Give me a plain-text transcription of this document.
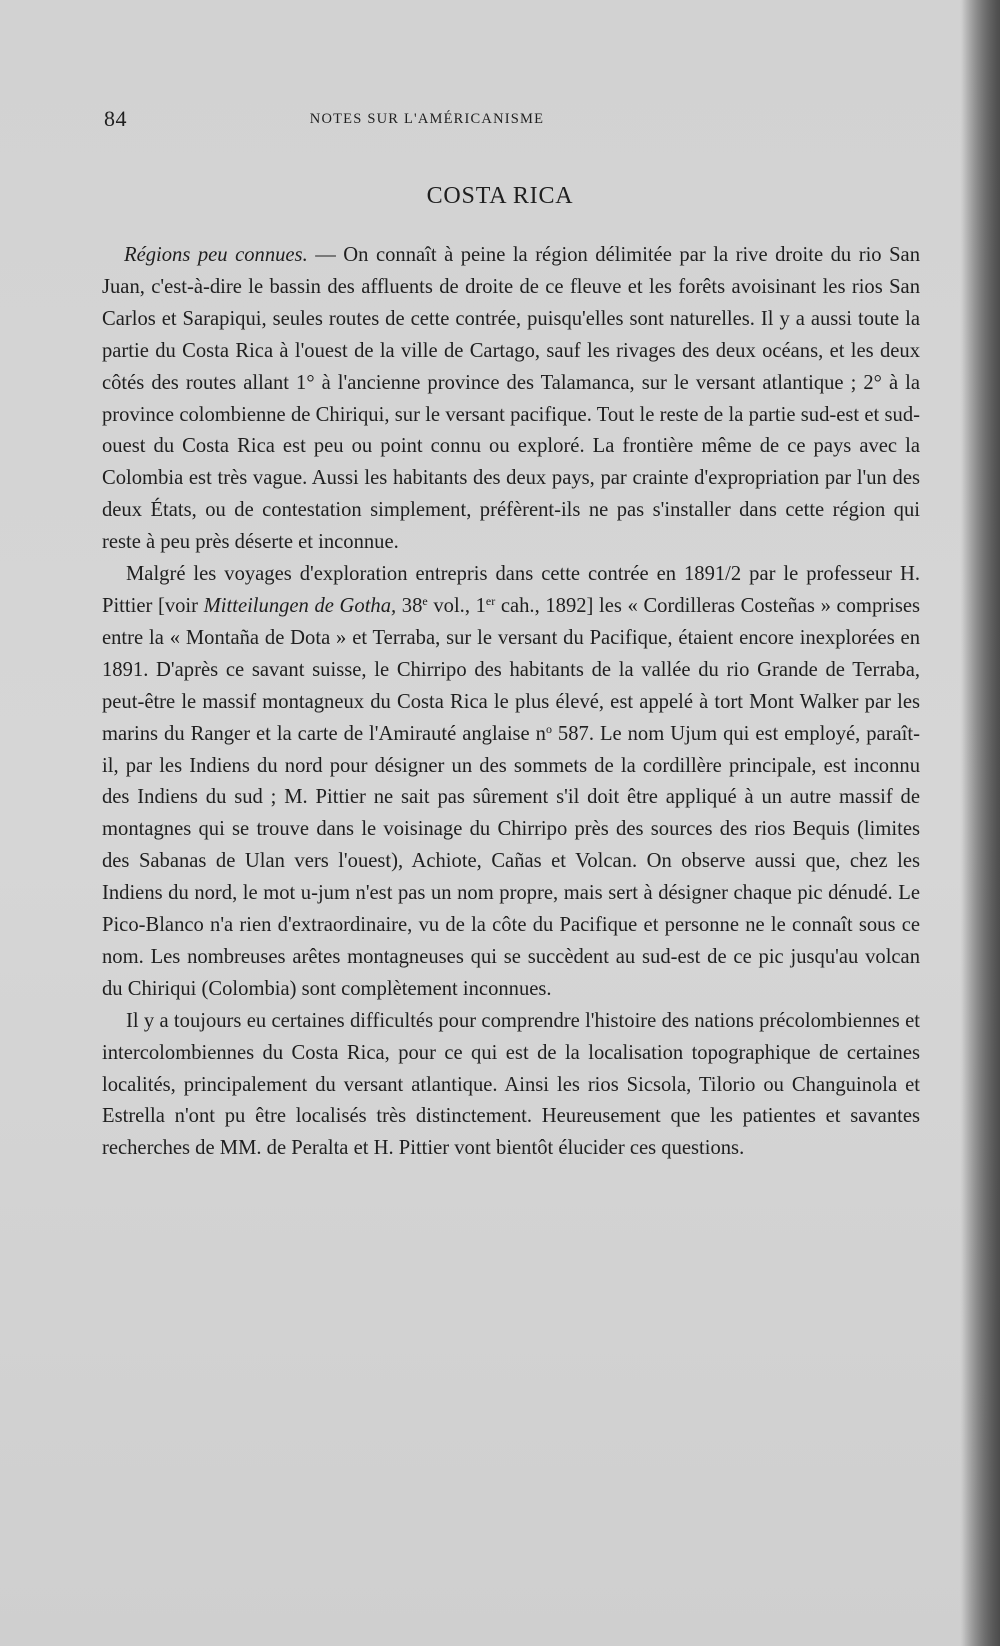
84	NOTES SUR L'AMÉRICANISME
COSTA RICA

Régions peu connues. — On connaît à peine la région délimitée par la rive droite du rio San Juan, c'est-à-dire le bassin des affluents de droite de ce fleuve et les forêts avoisinant les rios San Carlos et Sarapiqui, seules routes de cette contrée, puisqu'elles sont naturelles. Il y a aussi toute la partie du Costa Rica à l'ouest de la ville de Cartago, sauf les rivages des deux océans, et les deux côtés des routes allant 1° à l'ancienne province des Talamanca, sur le versant atlantique ; 2° à la province colombienne de Chiriqui, sur le versant pacifique. Tout le reste de la partie sud-est et sud-ouest du Costa Rica est peu ou point connu ou exploré. La frontière même de ce pays avec la Colombia est très vague. Aussi les habitants des deux pays, par crainte d'expropriation par l'un des deux États, ou de contestation simplement, préfèrent-ils ne pas s'installer dans cette région qui reste à peu près déserte et inconnue.

Malgré les voyages d'exploration entrepris dans cette contrée en 1891/2 par le professeur H. Pittier [voir Mitteilungen de Gotha, 38e vol., 1er cah., 1892] les « Cordilleras Costeñas » comprises entre la « Montaña de Dota » et Terraba, sur le versant du Pacifique, étaient encore inexplorées en 1891. D'après ce savant suisse, le Chirripo des habitants de la vallée du rio Grande de Terraba, peut-être le massif montagneux du Costa Rica le plus élevé, est appelé à tort Mont Walker par les marins du Ranger et la carte de l'Amirauté anglaise $n^o$ 587. Le nom Ujum qui est employé, paraît-il, par les Indiens du nord pour désigner un des sommets de la cordillère principale, est inconnu des Indiens du sud ; M. Pittier ne sait pas sûrement s'il doit être appliqué à un autre massif de montagnes qui se trouve dans le voisinage du Chirripo près des sources des rios Bequis (limites des Sabanas de Ulan vers l'ouest), Achiote, Cañas et Volcan. On observe aussi que, chez les Indiens du nord, le mot u-jum n'est pas un nom propre, mais sert à désigner chaque pic dénudé. Le Pico-Blanco n'a rien d'extraordinaire, vu de la côte du Pacifique et personne ne le connaît sous ce nom. Les nombreuses arêtes montagneuses qui se succèdent au sud-est de ce pic jusqu'au volcan du Chiriqui (Colombia) sont complètement inconnues.

Il y a toujours eu certaines difficultés pour comprendre l'histoire des nations précolombiennes et intercolombiennes du Costa Rica, pour ce qui est de la localisation topographique de certaines localités, principalement du versant atlantique. Ainsi les rios Sicsola, Tilorio ou Changuinola et Estrella n'ont pu être localisés très distinctement. Heureusement que les patientes et savantes recherches de MM. de Peralta et H. Pittier vont bientôt élucider ces questions.
